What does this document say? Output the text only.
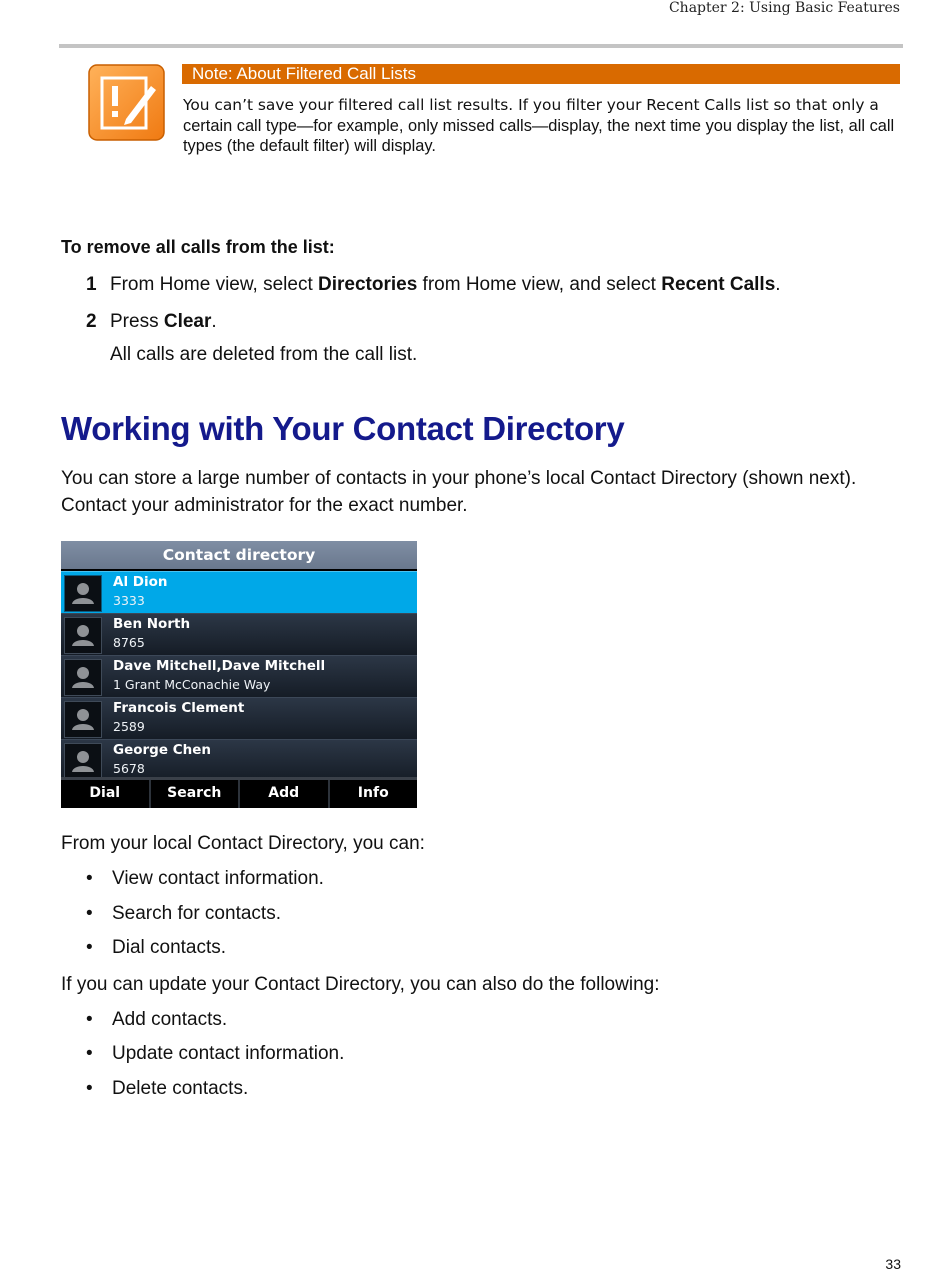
Chapter 2: Using Basic Features
Note: About Filtered Call Lists
You can’t save your filtered call list results. If you filter your Recent Calls list so that only a certain call type—for example, only missed calls—display, the next time you display the list, all call types (the default filter) will display.
To remove all calls from the list:
1 From Home view, select Directories from Home view, and select Recent Calls.
2 Press Clear.
All calls are deleted from the call list.
Working with Your Contact Directory
You can store a large number of contacts in your phone’s local Contact Directory (shown next). Contact your administrator for the exact number.
Contact directory
Al Dion
3333
Ben North
8765
Dave Mitchell,Dave Mitchell
1 Grant McConachie Way
Francois Clement
2589
George Chen
5678
Dial	Search	Add	Info
From your local Contact Directory, you can:
• View contact information.
• Search for contacts.
• Dial contacts.
If you can update your Contact Directory, you can also do the following:
• Add contacts.
• Update contact information.
• Delete contacts.
33
